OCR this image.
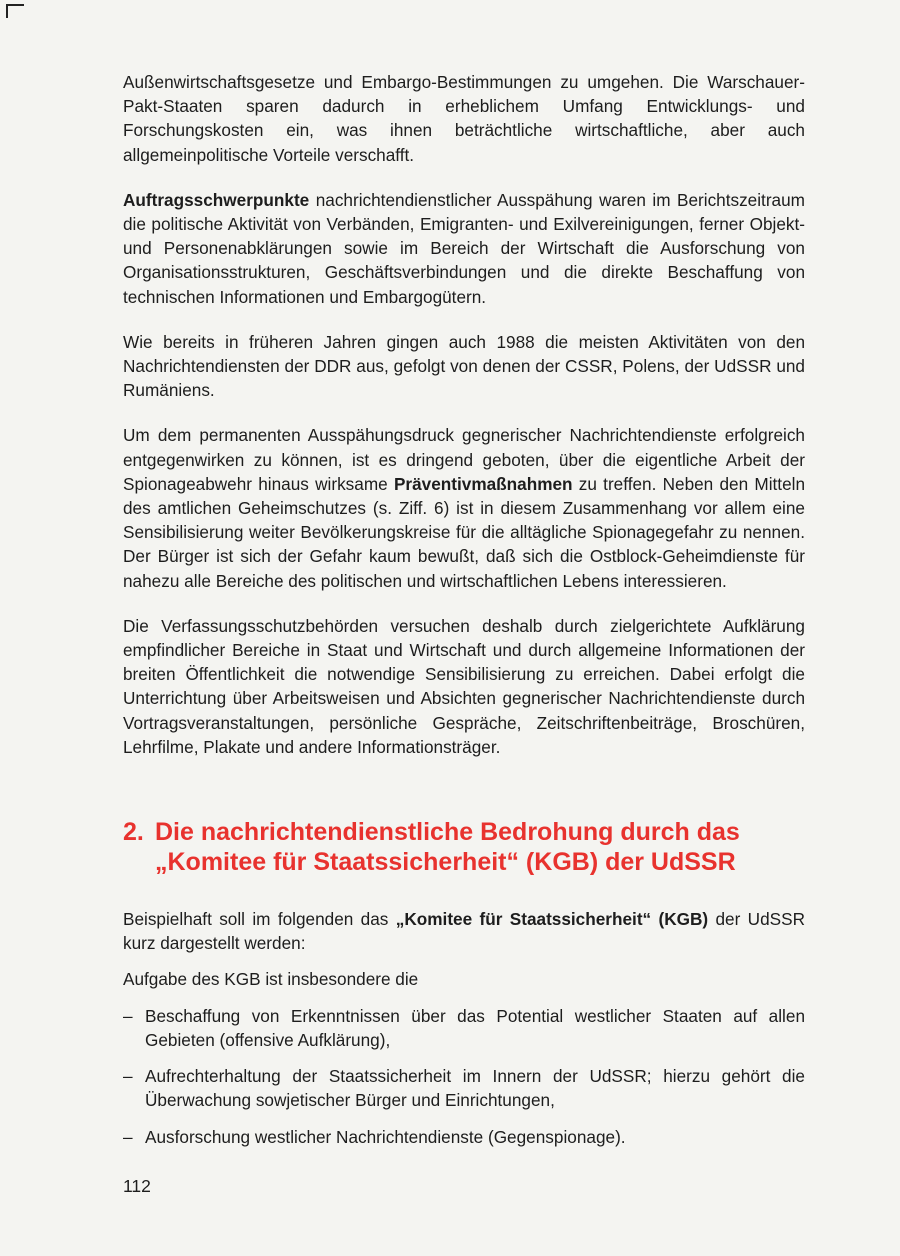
Außenwirtschaftsgesetze und Embargo-Bestimmungen zu umgehen. Die Warschauer-Pakt-Staaten sparen dadurch in erheblichem Umfang Entwicklungs- und Forschungskosten ein, was ihnen beträchtliche wirtschaftliche, aber auch allgemeinpolitische Vorteile verschafft.

Auftragsschwerpunkte nachrichtendienstlicher Ausspähung waren im Berichtszeitraum die politische Aktivität von Verbänden, Emigranten- und Exilvereinigungen, ferner Objekt- und Personenabklärungen sowie im Bereich der Wirtschaft die Ausforschung von Organisationsstrukturen, Geschäftsverbindungen und die direkte Beschaffung von technischen Informationen und Embargogütern.

Wie bereits in früheren Jahren gingen auch 1988 die meisten Aktivitäten von den Nachrichtendiensten der DDR aus, gefolgt von denen der CSSR, Polens, der UdSSR und Rumäniens.

Um dem permanenten Ausspähungsdruck gegnerischer Nachrichtendienste erfolgreich entgegenwirken zu können, ist es dringend geboten, über die eigentliche Arbeit der Spionageabwehr hinaus wirksame Präventivmaßnahmen zu treffen. Neben den Mitteln des amtlichen Geheimschutzes (s. Ziff. 6) ist in diesem Zusammenhang vor allem eine Sensibilisierung weiter Bevölkerungskreise für die alltägliche Spionagegefahr zu nennen. Der Bürger ist sich der Gefahr kaum bewußt, daß sich die Ostblock-Geheimdienste für nahezu alle Bereiche des politischen und wirtschaftlichen Lebens interessieren.

Die Verfassungsschutzbehörden versuchen deshalb durch zielgerichtete Aufklärung empfindlicher Bereiche in Staat und Wirtschaft und durch allgemeine Informationen der breiten Öffentlichkeit die notwendige Sensibilisierung zu erreichen. Dabei erfolgt die Unterrichtung über Arbeitsweisen und Absichten gegnerischer Nachrichtendienste durch Vortragsveranstaltungen, persönliche Gespräche, Zeitschriftenbeiträge, Broschüren, Lehrfilme, Plakate und andere Informationsträger.

2. Die nachrichtendienstliche Bedrohung durch das
„Komitee für Staatssicherheit“ (KGB) der UdSSR

Beispielhaft soll im folgenden das „Komitee für Staatssicherheit“ (KGB) der UdSSR kurz dargestellt werden:

Aufgabe des KGB ist insbesondere die

– Beschaffung von Erkenntnissen über das Potential westlicher Staaten auf allen Gebieten (offensive Aufklärung),
– Aufrechterhaltung der Staatssicherheit im Innern der UdSSR; hierzu gehört die Überwachung sowjetischer Bürger und Einrichtungen,
– Ausforschung westlicher Nachrichtendienste (Gegenspionage).
112
